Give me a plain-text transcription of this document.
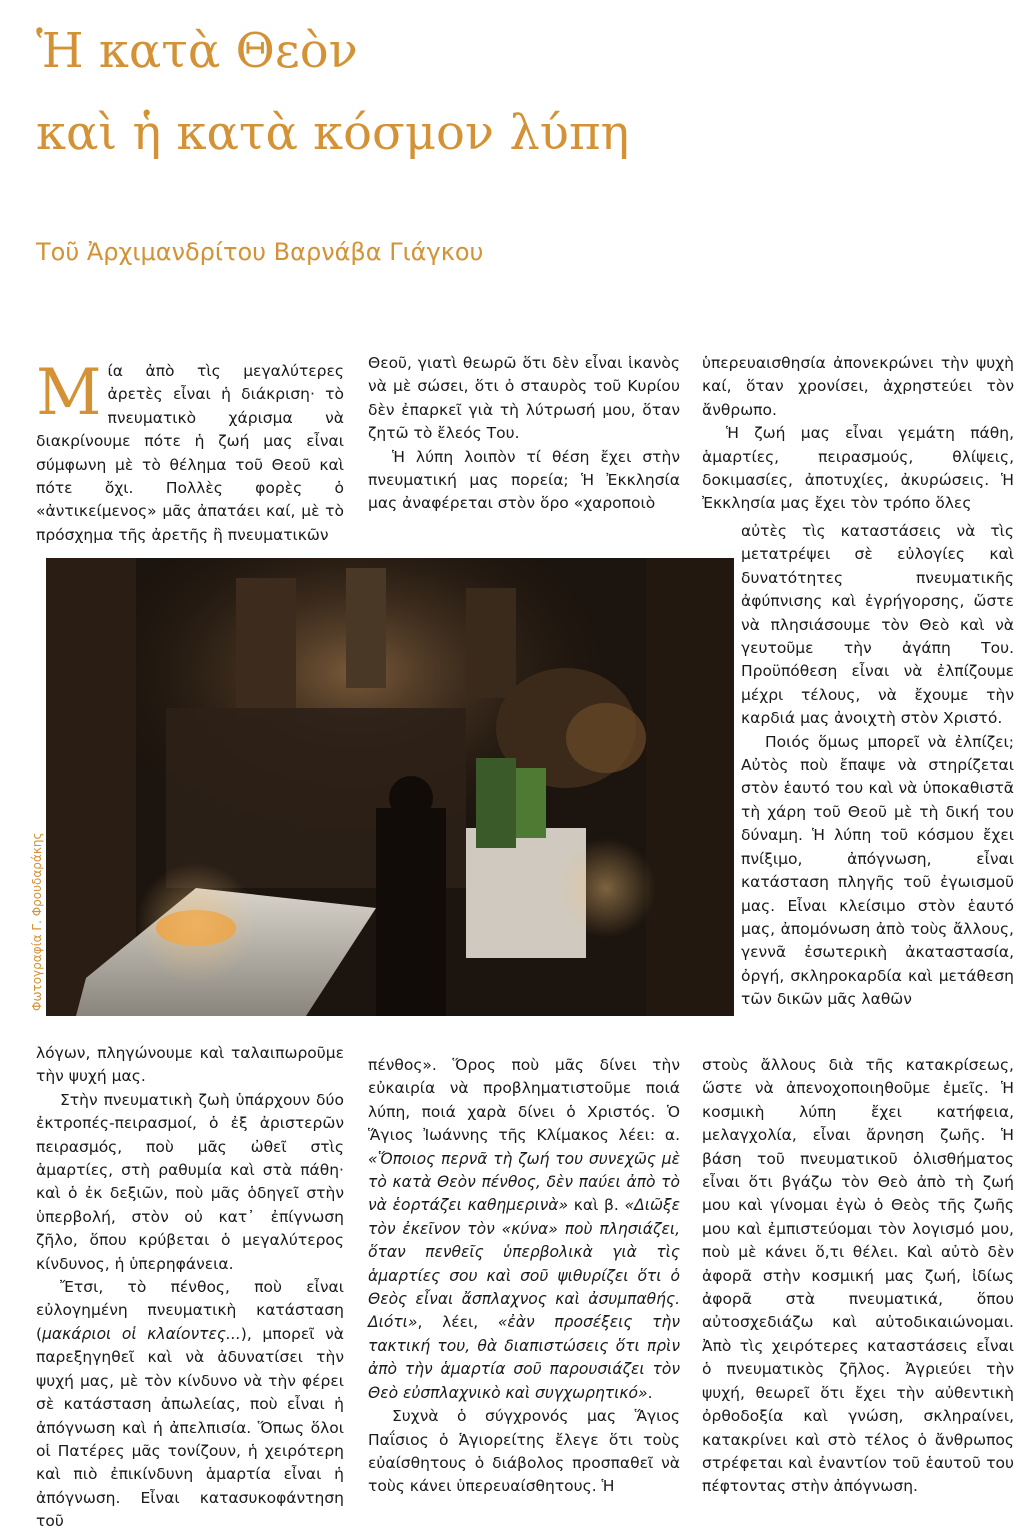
Ἡ κατὰ Θεὸν
καὶ ἡ κατὰ κόσμον λύπη
Τοῦ Ἀρχιμανδρίτου Βαρνάβα Γιάγκου

Μία ἀπὸ τὶς μεγαλύτερες ἀρετὲς εἶναι ἡ διάκριση· τὸ πνευματικὸ χάρισμα νὰ διακρίνουμε πότε ἡ ζωή μας εἶναι σύμφωνη μὲ τὸ θέλημα τοῦ Θεοῦ καὶ πότε ὄχι. Πολλὲς φορὲς ὁ «ἀντικείμενος» μᾶς ἀπατάει καί, μὲ τὸ πρόσχημα τῆς ἀρετῆς ἢ πνευματικῶν

Θεοῦ, γιατὶ θεωρῶ ὅτι δὲν εἶναι ἱκανὸς νὰ μὲ σώσει, ὅτι ὁ σταυρὸς τοῦ Κυρίου δὲν ἐπαρκεῖ γιὰ τὴ λύτρωσή μου, ὅταν ζητῶ τὸ ἔλεός Του.

Ἡ λύπη λοιπὸν τί θέση ἔχει στὴν πνευματική μας πορεία; Ἡ Ἐκκλησία μας ἀναφέρεται στὸν ὅρο «χαροποιὸ

ὑπερευαισθησία ἀπονεκρώνει τὴν ψυχὴ καί, ὅταν χρονίσει, ἀχρηστεύει τὸν ἄνθρωπο.

Ἡ ζωή μας εἶναι γεμάτη πάθη, ἁμαρτίες, πειρασμούς, θλίψεις, δοκιμασίες, ἀποτυχίες, ἀκυρώσεις. Ἡ Ἐκκλησία μας ἔχει τὸν τρόπο ὅλες

Φωτογραφία Γ. Φρουδαράκης

αὐτὲς τὶς καταστάσεις νὰ τὶς μετατρέψει σὲ εὐλογίες καὶ δυνατότητες πνευματικῆς ἀφύπνισης καὶ ἐγρήγορσης, ὥστε νὰ πλησιάσουμε τὸν Θεὸ καὶ νὰ γευτοῦμε τὴν ἀγάπη Του. Προϋπόθεση εἶναι νὰ ἐλπίζουμε μέχρι τέλους, νὰ ἔχουμε τὴν καρδιά μας ἀνοιχτὴ στὸν Χριστό.

Ποιός ὅμως μπορεῖ νὰ ἐλπίζει; Αὐτὸς ποὺ ἔπαψε νὰ στηρίζεται στὸν ἑαυτό του καὶ νὰ ὑποκαθιστᾶ τὴ χάρη τοῦ Θεοῦ μὲ τὴ δική του δύναμη. Ἡ λύπη τοῦ κόσμου ἔχει πνίξιμο, ἀπόγνωση, εἶναι κατάσταση πληγῆς τοῦ ἐγωισμοῦ μας. Εἶναι κλείσιμο στὸν ἑαυτό μας, ἀπομόνωση ἀπὸ τοὺς ἄλλους, γεννᾶ ἐσωτερικὴ ἀκαταστασία, ὀργή, σκληροκαρδία καὶ μετάθεση τῶν δικῶν μᾶς λαθῶν

λόγων, πληγώνουμε καὶ ταλαιπωροῦμε τὴν ψυχή μας.

Στὴν πνευματικὴ ζωὴ ὑπάρχουν δύο ἐκτροπές-πειρασμοί, ὁ ἐξ ἀριστερῶν πειρασμός, ποὺ μᾶς ὠθεῖ στὶς ἁμαρτίες, στὴ ραθυμία καὶ στὰ πάθη· καὶ ὁ ἐκ δεξιῶν, ποὺ μᾶς ὁδηγεῖ στὴν ὑπερβολή, στὸν οὐ κατ᾽ ἐπίγνωση ζῆλο, ὅπου κρύβεται ὁ μεγαλύτερος κίνδυνος, ἡ ὑπερηφάνεια.

Ἔτσι, τὸ πένθος, ποὺ εἶναι εὐλογημένη πνευματικὴ κατάσταση (μακάριοι οἱ κλαίοντες...), μπορεῖ νὰ παρεξηγηθεῖ καὶ νὰ ἀδυνατίσει τὴν ψυχή μας, μὲ τὸν κίνδυνο νὰ τὴν φέρει σὲ κατάσταση ἀπωλείας, ποὺ εἶναι ἡ ἀπόγνωση καὶ ἡ ἀπελπισία. Ὅπως ὅλοι οἱ Πατέρες μᾶς τονίζουν, ἡ χειρότερη καὶ πιὸ ἐπικίνδυνη ἁμαρτία εἶναι ἡ ἀπόγνωση. Εἶναι κατασυκοφάντηση τοῦ

πένθος». Ὅρος ποὺ μᾶς δίνει τὴν εὐκαιρία νὰ προβληματιστοῦμε ποιά λύπη, ποιά χαρὰ δίνει ὁ Χριστός. Ὁ Ἅγιος Ἰωάννης τῆς Κλίμακος λέει: α. «Ὅποιος περνᾶ τὴ ζωή του συνεχῶς μὲ τὸ κατὰ Θεὸν πένθος, δὲν παύει ἀπὸ τὸ νὰ ἑορτάζει καθημερινὰ» καὶ β. «Διῶξε τὸν ἐκεῖνον τὸν «κύνα» ποὺ πλησιάζει, ὅταν πενθεῖς ὑπερβολικὰ γιὰ τὶς ἁμαρτίες σου καὶ σοῦ ψιθυρίζει ὅτι ὁ Θεὸς εἶναι ἄσπλαχνος καὶ ἀσυμπαθής. Διότι», λέει, «ἐὰν προσέξεις τὴν τακτική του, θὰ διαπιστώσεις ὅτι πρὶν ἀπὸ τὴν ἁμαρτία σοῦ παρουσιάζει τὸν Θεὸ εὐσπλαχνικὸ καὶ συγχωρητικό».

Συχνὰ ὁ σύγχρονός μας Ἅγιος Παΐσιος ὁ Ἁγιορείτης ἔλεγε ὅτι τοὺς εὐαίσθητους ὁ διάβολος προσπαθεῖ νὰ τοὺς κάνει ὑπερευαίσθητους. Ἡ

στοὺς ἄλλους διὰ τῆς κατακρίσεως, ὥστε νὰ ἀπενοχοποιηθοῦμε ἐμεῖς. Ἡ κοσμικὴ λύπη ἔχει κατήφεια, μελαγχολία, εἶναι ἄρνηση ζωῆς. Ἡ βάση τοῦ πνευματικοῦ ὀλισθήματος εἶναι ὅτι βγάζω τὸν Θεὸ ἀπὸ τὴ ζωή μου καὶ γίνομαι ἐγὼ ὁ Θεὸς τῆς ζωῆς μου καὶ ἐμπιστεύομαι τὸν λογισμό μου, ποὺ μὲ κάνει ὅ,τι θέλει. Καὶ αὐτὸ δὲν ἀφορᾶ στὴν κοσμική μας ζωή, ἰδίως ἀφορᾶ στὰ πνευματικά, ὅπου αὐτοσχεδιάζω καὶ αὐτοδικαιώνομαι. Ἀπὸ τὶς χειρότερες καταστάσεις εἶναι ὁ πνευματικὸς ζῆλος. Ἀγριεύει τὴν ψυχή, θεωρεῖ ὅτι ἔχει τὴν αὐθεντικὴ ὀρθοδοξία καὶ γνώση, σκληραίνει, κατακρίνει καὶ στὸ τέλος ὁ ἄνθρωπος στρέφεται καὶ ἐναντίον τοῦ ἑαυτοῦ του πέφτοντας στὴν ἀπόγνωση.
